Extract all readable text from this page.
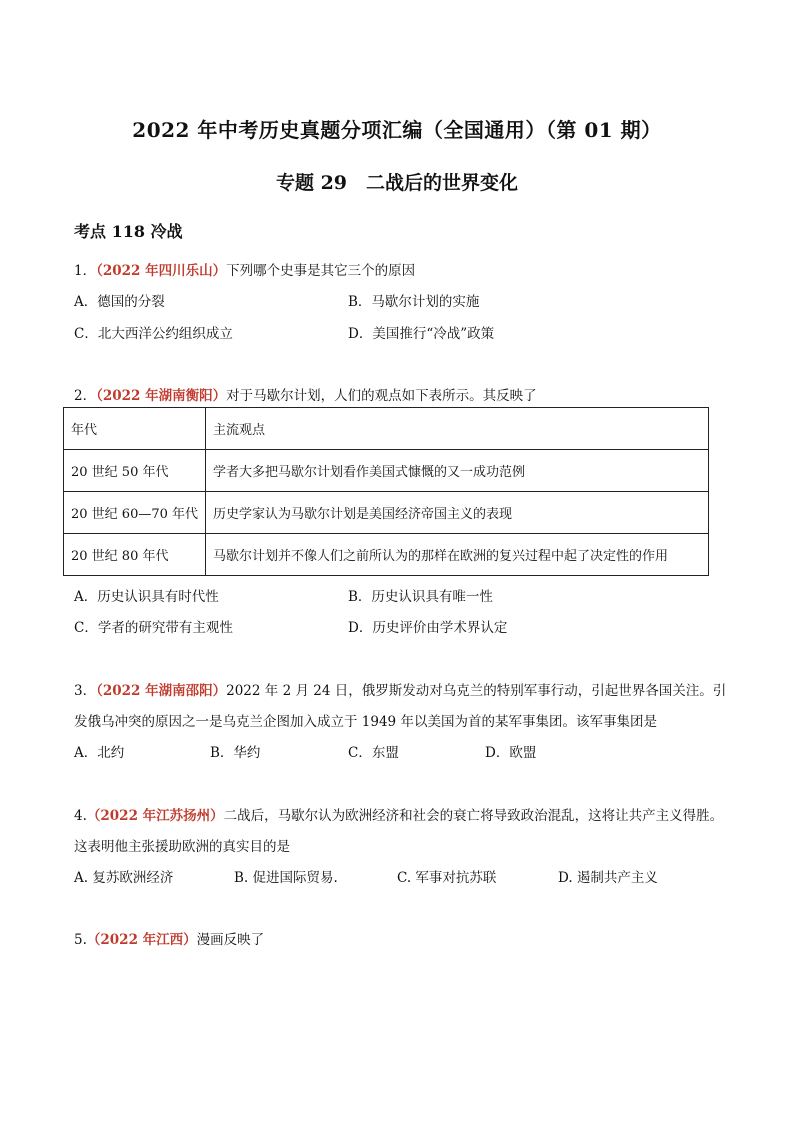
2022 年中考历史真题分项汇编（全国通用）（第 01 期）
专题 29　二战后的世界变化
考点 118 冷战
1．（2022 年四川乐山）下列哪个史事是其它三个的原因
A．德国的分裂	B．马歇尔计划的实施
C．北大西洋公约组织成立	D．美国推行“冷战”政策
2．（2022 年湖南衡阳）对于马歇尔计划，人们的观点如下表所示。其反映了
年代	主流观点
20 世纪 50 年代	学者大多把马歇尔计划看作美国式慷慨的又一成功范例
20 世纪 60—70 年代	历史学家认为马歇尔计划是美国经济帝国主义的表现
20 世纪 80 年代	马歇尔计划并不像人们之前所认为的那样在欧洲的复兴过程中起了决定性的作用
A．历史认识具有时代性	B．历史认识具有唯一性
C．学者的研究带有主观性	D．历史评价由学术界认定
3．（2022 年湖南邵阳）2022 年 2 月 24 日，俄罗斯发动对乌克兰的特别军事行动，引起世界各国关注。引
发俄乌冲突的原因之一是乌克兰企图加入成立于 1949 年以美国为首的某军事集团。该军事集团是
A．北约	B．华约	C．东盟	D．欧盟
4.（2022 年江苏扬州）二战后，马歇尔认为欧洲经济和社会的衰亡将导致政治混乱，这将让共产主义得胜。
这表明他主张援助欧洲的真实目的是
A. 复苏欧洲经济	B. 促进国际贸易.	C. 军事对抗苏联	D. 遏制共产主义
5.（2022 年江西）漫画反映了
